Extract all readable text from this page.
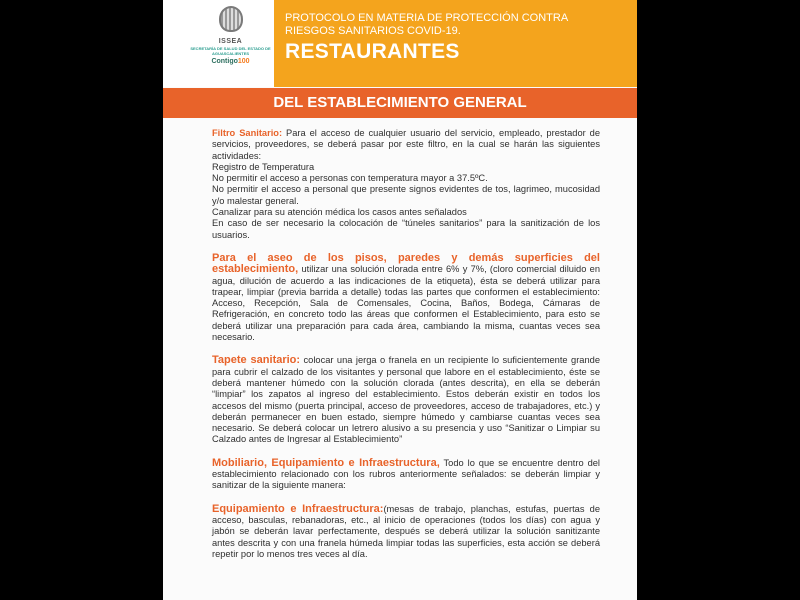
ISSEA
SECRETARÍA DE SALUD DEL ESTADO DE AGUASCALIENTES
Contigo100
PROTOCOLO EN MATERIA DE PROTECCIÓN CONTRA RIESGOS SANITARIOS COVID-19.
RESTAURANTES
DEL ESTABLECIMIENTO GENERAL

Filtro Sanitario: Para el acceso de cualquier usuario del servicio, empleado, prestador de servicios, proveedores, se deberá pasar por este filtro, en la cual se harán las siguientes actividades:

Registro de Temperatura

No permitir el acceso a personas con temperatura mayor a 37.5ºC.

No permitir el acceso a personal que presente signos evidentes de tos, lagrimeo, mucosidad y/o malestar general.

Canalizar para su atención médica los casos antes señalados

En caso de ser necesario la colocación de “túneles sanitarios” para la sanitización de los usuarios.

Para el aseo de los pisos, paredes y demás superficies del establecimiento, utilizar una solución clorada entre 6% y 7%, (cloro comercial diluido en agua, dilución de acuerdo a las indicaciones de la etiqueta), ésta se deberá utilizar para trapear, limpiar (previa barrida a detalle) todas las partes que conformen el establecimiento: Acceso, Recepción, Sala de Comensales, Cocina, Baños, Bodega, Cámaras de Refrigeración, en concreto todo las áreas que conformen el Establecimiento, para esto se deberá utilizar una preparación para cada área, cambiando la misma, cuantas veces sea necesario.

Tapete sanitario: colocar una jerga o franela en un recipiente lo suficientemente grande para cubrir el calzado de los visitantes y personal que labore en el establecimiento, éste se deberá mantener húmedo con la solución clorada (antes descrita), en ella se deberán “limpiar” los zapatos al ingreso del establecimiento. Estos deberán existir en todos los accesos del mismo (puerta principal, acceso de proveedores, acceso de trabajadores, etc.) y deberán permanecer en buen estado, siempre húmedo y cambiarse cuantas veces sea necesario. Se deberá colocar un letrero alusivo a su presencia y uso “Sanitizar o Limpiar su Calzado antes de Ingresar al Establecimiento”

Mobiliario, Equipamiento e Infraestructura, Todo lo que se encuentre dentro del establecimiento relacionado con los rubros anteriormente señalados: se deberán limpiar y sanitizar de la siguiente manera:

Equipamiento e Infraestructura:(mesas de trabajo, planchas, estufas, puertas de acceso, basculas, rebanadoras, etc., al inicio de operaciones (todos los días) con agua y jabón se deberán lavar perfectamente, después se deberá utilizar la solución sanitizante antes descrita y con una franela húmeda limpiar todas las superficies, esta acción se deberá repetir por lo menos tres veces al día.
